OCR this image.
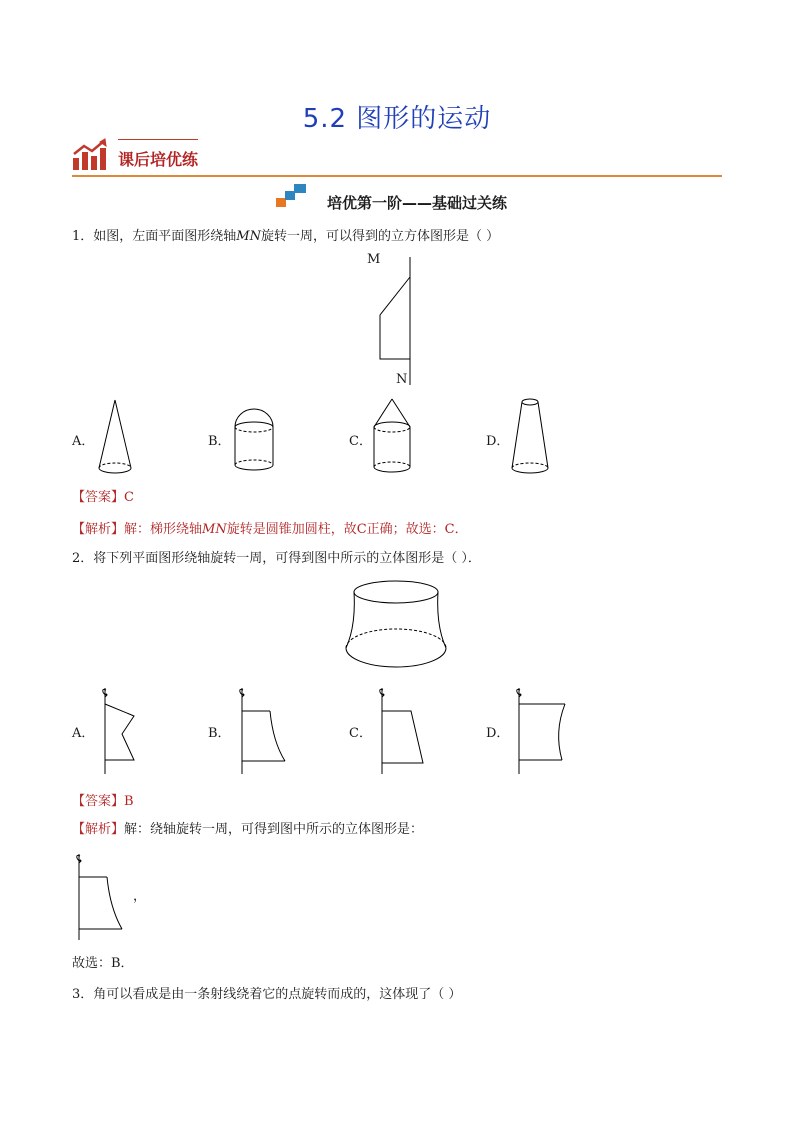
5.2 图形的运动
课后培优练
培优第一阶——基础过关练
1．如图，左面平面图形绕轴MN旋转一周，可以得到的立方体图形是（ ）
M
N
A．	B．	C．	D．
【答案】C
【解析】解：梯形绕轴MN旋转是圆锥加圆柱，故C正确；故选：C．
2．将下列平面图形绕轴旋转一周，可得到图中所示的立体图形是（ ）．
A．	B．	C．	D．
【答案】B
【解析】解：绕轴旋转一周，可得到图中所示的立体图形是：
，
故选：B．
3．角可以看成是由一条射线绕着它的点旋转而成的，这体现了（ ）
